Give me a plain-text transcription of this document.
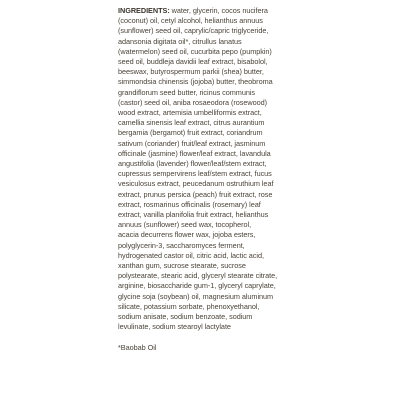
INGREDIENTS: water, glycerin, cocos nucifera
(coconut) oil, cetyl alcohol, helianthus annuus
(sunflower) seed oil, caprylic/capric triglyceride,
adansonia digitata oil*, citrullus lanatus
(watermelon) seed oil, cucurbita pepo (pumpkin)
seed oil, buddleja davidii leaf extract, bisabolol,
beeswax, butyrospermum parkii (shea) butter,
simmondsia chinensis (jojoba) butter, theobroma
grandiflorum seed butter, ricinus communis
(castor) seed oil, aniba rosaeodora (rosewood)
wood extract, artemisia umbelliformis extract,
camellia sinensis leaf extract, citrus aurantium
bergamia (bergamot) fruit extract, coriandrum
sativum (coriander) fruit/leaf extract, jasminum
officinale (jasmine) flower/leaf extract, lavandula
angustifolia (lavender) flower/leaf/stem extract,
cupressus sempervirens leaf/stem extract, fucus
vesiculosus extract, peucedanum ostruthium leaf
extract, prunus persica (peach) fruit extract, rose
extract, rosmarinus officinalis (rosemary) leaf
extract, vanilla planifolia fruit extract, helianthus
annuus (sunflower) seed wax, tocopherol,
acacia decurrens flower wax, jojoba esters,
polyglycerin-3, saccharomyces ferment,
hydrogenated castor oil, citric acid, lactic acid,
xanthan gum, sucrose stearate, sucrose
polystearate, stearic acid, glyceryl stearate citrate,
arginine, biosaccharide gum-1, glyceryl caprylate,
glycine soja (soybean) oil, magnesium aluminum
silicate, potassium sorbate, phenoxyethanol,
sodium anisate, sodium benzoate, sodium
levulinate, sodium stearoyl lactylate
*Baobab Oil
